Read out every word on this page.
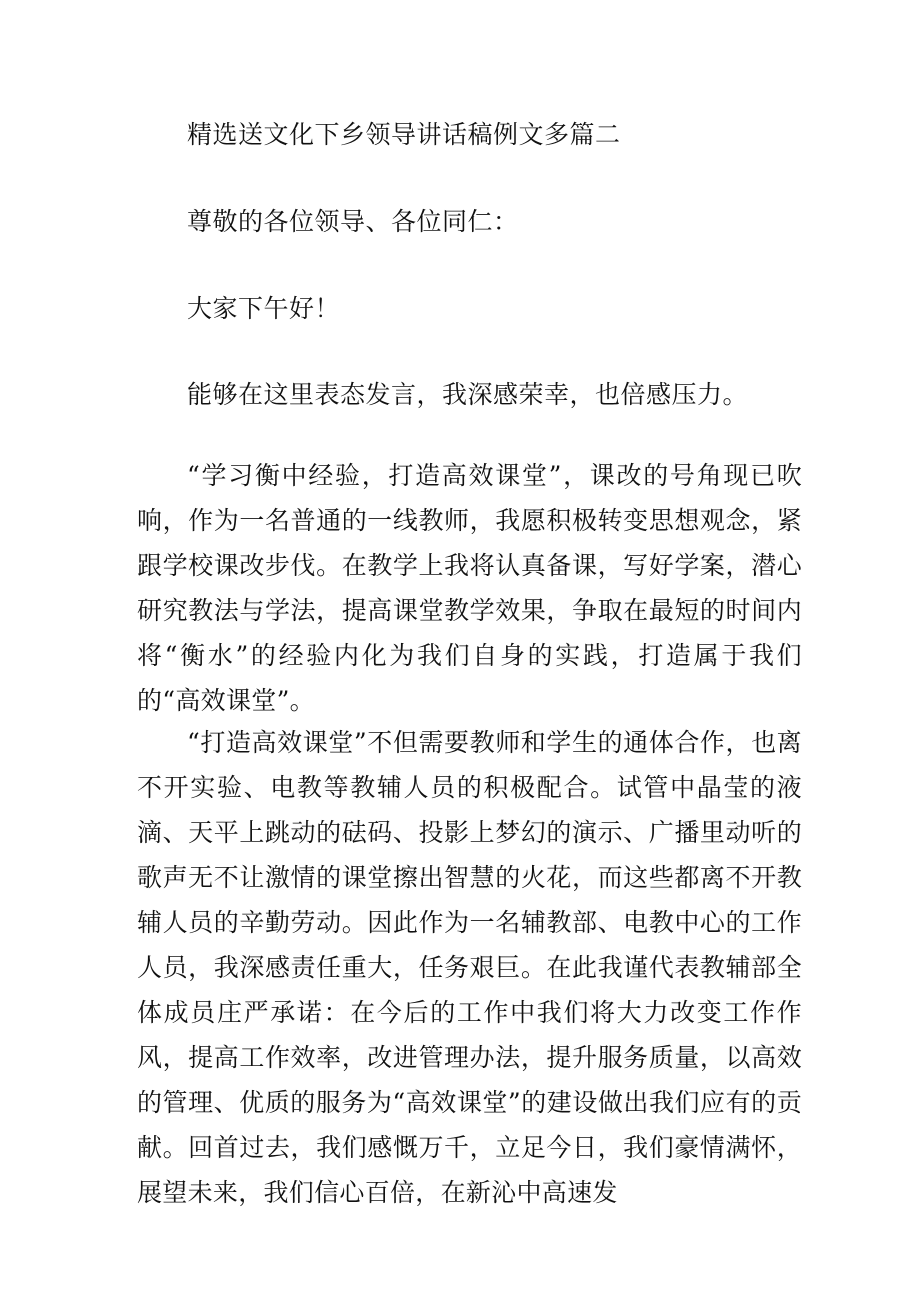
精选送文化下乡领导讲话稿例文多篇二
尊敬的各位领导、各位同仁：
大家下午好！
能够在这里表态发言，我深感荣幸，也倍感压力。

“学习衡中经验，打造高效课堂”，课改的号角现已吹响，作为一名普通的一线教师，我愿积极转变思想观念，紧跟学校课改步伐。在教学上我将认真备课，写好学案，潜心研究教法与学法，提高课堂教学效果，争取在最短的时间内将“衡水”的经验内化为我们自身的实践，打造属于我们的“高效课堂”。

“打造高效课堂”不但需要教师和学生的通体合作，也离不开实验、电教等教辅人员的积极配合。试管中晶莹的液滴、天平上跳动的砝码、投影上梦幻的演示、广播里动听的歌声无不让激情的课堂擦出智慧的火花，而这些都离不开教辅人员的辛勤劳动。因此作为一名辅教部、电教中心的工作人员，我深感责任重大，任务艰巨。在此我谨代表教辅部全体成员庄严承诺：在今后的工作中我们将大力改变工作作风，提高工作效率，改进管理办法，提升服务质量，以高效的管理、优质的服务为“高效课堂”的建设做出我们应有的贡献。回首过去，我们感慨万千，立足今日，我们豪情满怀，展望未来，我们信心百倍，在新沁中高速发
